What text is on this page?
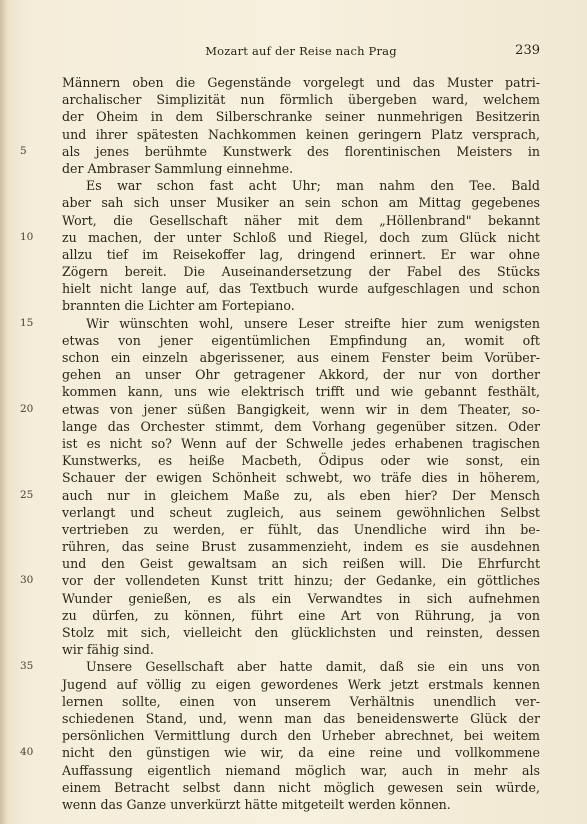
Mozart auf der Reise nach Prag	239
Männern oben die Gegenstände vorgelegt und das Muster patri-
archalischer Simplizität nun förmlich übergeben ward, welchem
der Oheim in dem Silberschranke seiner nunmehrigen Besitzerin
und ihrer spätesten Nachkommen keinen geringern Platz versprach,
5	als jenes berühmte Kunstwerk des florentinischen Meisters in
der Ambraser Sammlung einnehme.
Es war schon fast acht Uhr; man nahm den Tee. Bald
aber sah sich unser Musiker an sein schon am Mittag gegebenes
Wort, die Gesellschaft näher mit dem „Höllenbrand" bekannt
10	zu machen, der unter Schloß und Riegel, doch zum Glück nicht
allzu tief im Reisekoffer lag, dringend erinnert. Er war ohne
Zögern bereit. Die Auseinandersetzung der Fabel des Stücks
hielt nicht lange auf, das Textbuch wurde aufgeschlagen und schon
brannten die Lichter am Fortepiano.
15	Wir wünschten wohl, unsere Leser streifte hier zum wenigsten
etwas von jener eigentümlichen Empfindung an, womit oft
schon ein einzeln abgerissener, aus einem Fenster beim Vorüber-
gehen an unser Ohr getragener Akkord, der nur von dorther
kommen kann, uns wie elektrisch trifft und wie gebannt festhält,
20	etwas von jener süßen Bangigkeit, wenn wir in dem Theater, so-
lange das Orchester stimmt, dem Vorhang gegenüber sitzen. Oder
ist es nicht so? Wenn auf der Schwelle jedes erhabenen tragischen
Kunstwerks, es heiße Macbeth, Ödipus oder wie sonst, ein
Schauer der ewigen Schönheit schwebt, wo träfe dies in höherem,
25	auch nur in gleichem Maße zu, als eben hier? Der Mensch
verlangt und scheut zugleich, aus seinem gewöhnlichen Selbst
vertrieben zu werden, er fühlt, das Unendliche wird ihn be-
rühren, das seine Brust zusammenzieht, indem es sie ausdehnen
und den Geist gewaltsam an sich reißen will. Die Ehrfurcht
30	vor der vollendeten Kunst tritt hinzu; der Gedanke, ein göttliches
Wunder genießen, es als ein Verwandtes in sich aufnehmen
zu dürfen, zu können, führt eine Art von Rührung, ja von
Stolz mit sich, vielleicht den glücklichsten und reinsten, dessen
wir fähig sind.
35	Unsere Gesellschaft aber hatte damit, daß sie ein uns von
Jugend auf völlig zu eigen gewordenes Werk jetzt erstmals kennen
lernen sollte, einen von unserem Verhältnis unendlich ver-
schiedenen Stand, und, wenn man das beneidenswerte Glück der
persönlichen Vermittlung durch den Urheber abrechnet, bei weitem
40	nicht den günstigen wie wir, da eine reine und vollkommene
Auffassung eigentlich niemand möglich war, auch in mehr als
einem Betracht selbst dann nicht möglich gewesen sein würde,
wenn das Ganze unverkürzt hätte mitgeteilt werden können.
